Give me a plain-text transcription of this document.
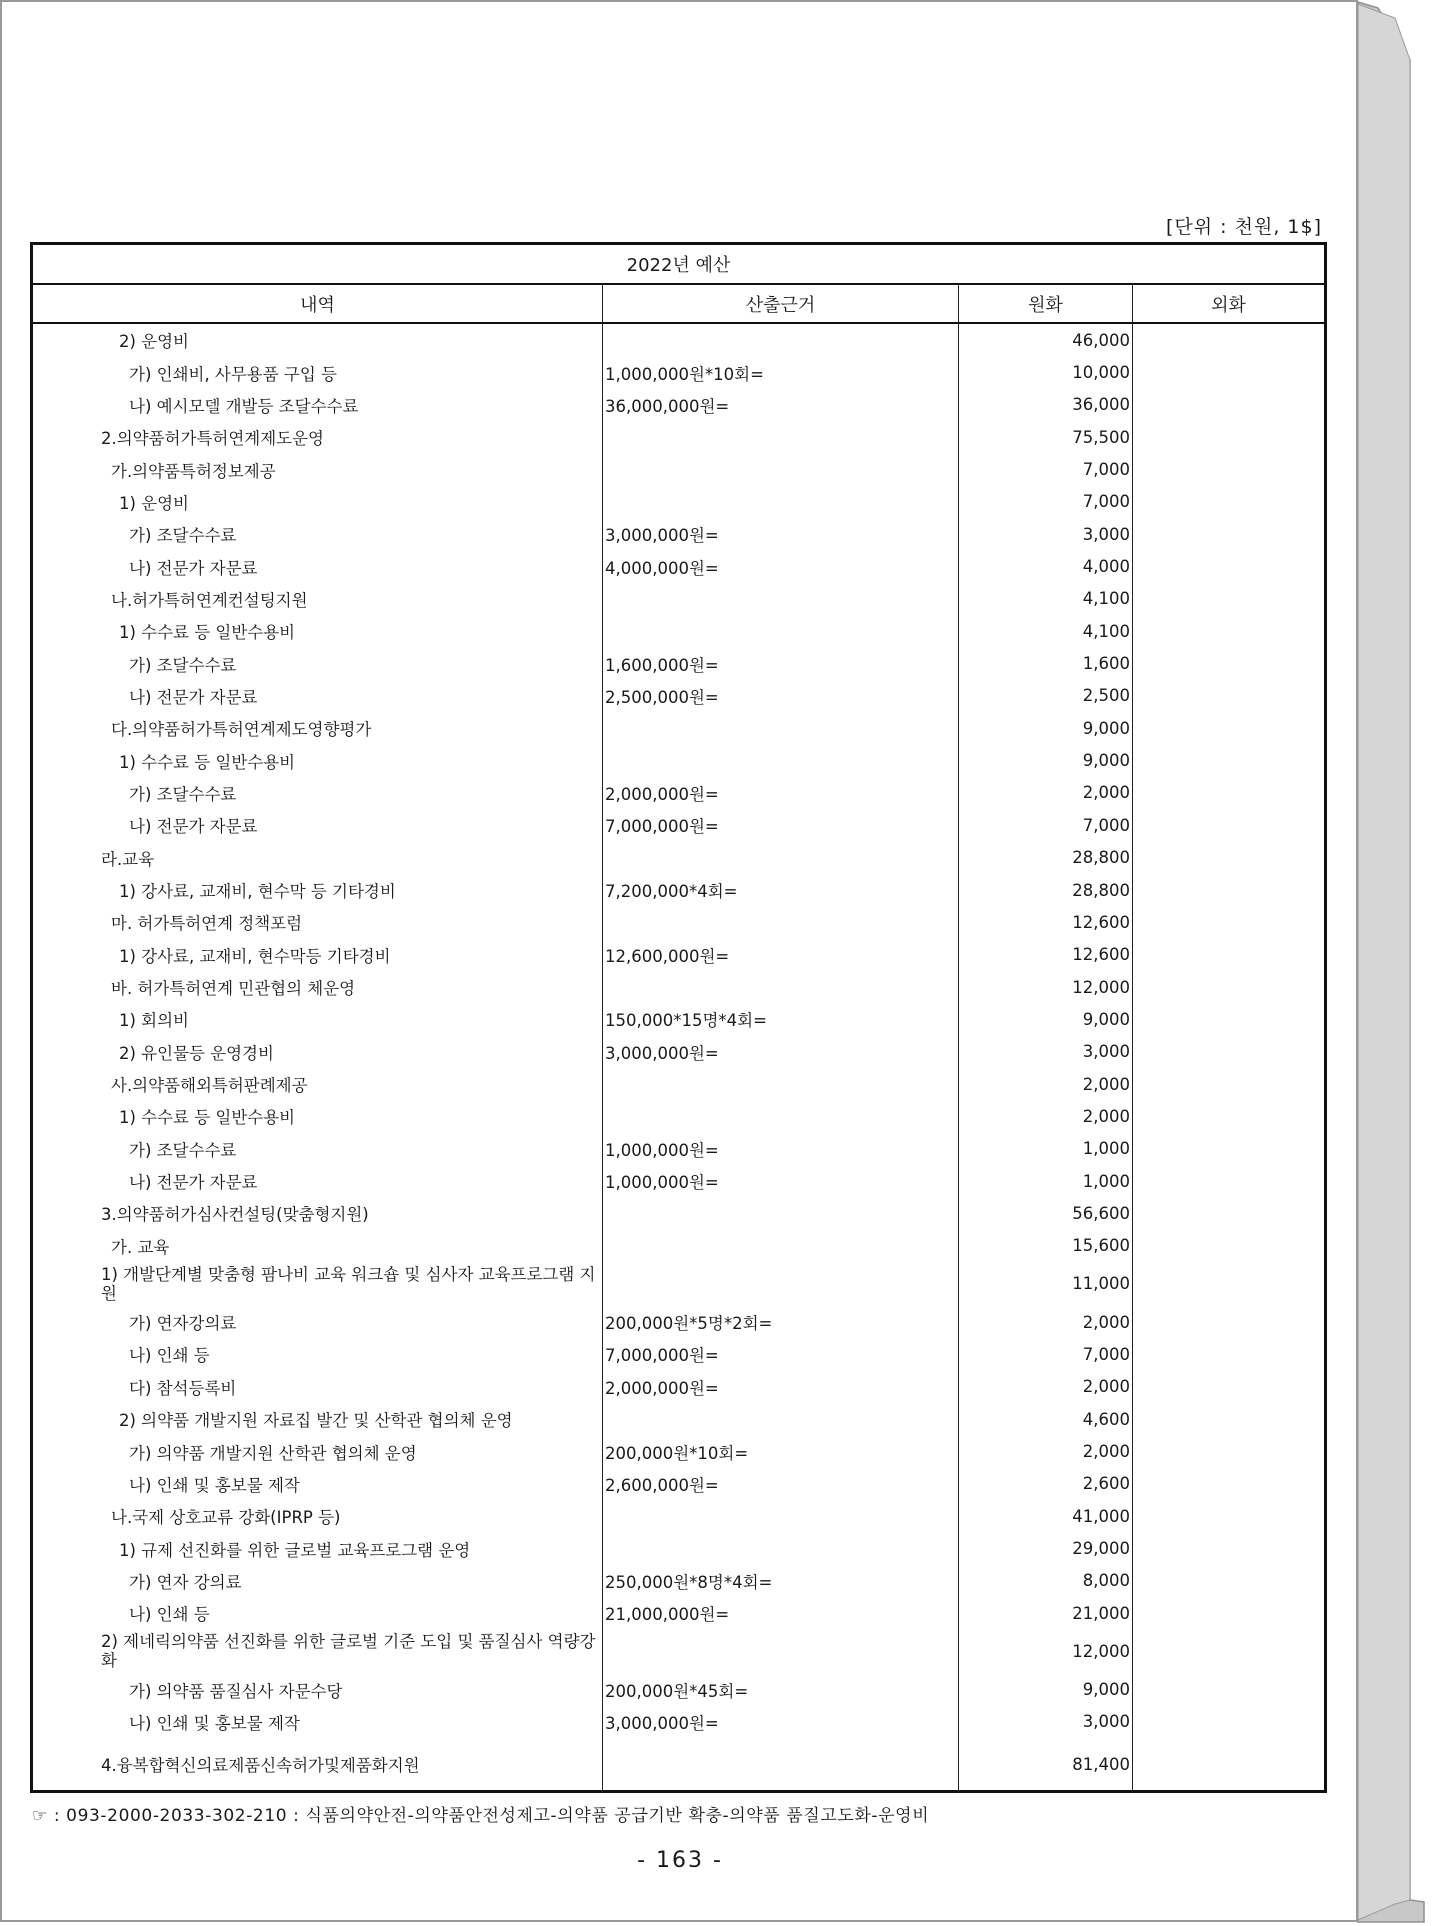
[단위 : 천원, 1$]
2022년 예산			
내역	산출근거	원화	외화
2) 운영비		46,000	
가) 인쇄비, 사무용품 구입 등	1,000,000원*10회=	10,000	
나) 예시모델 개발등 조달수수료	36,000,000원=	36,000	
2.의약품허가특허연계제도운영		75,500	
가.의약품특허정보제공		7,000	
1) 운영비		7,000	
가) 조달수수료	3,000,000원=	3,000	
나) 전문가 자문료	4,000,000원=	4,000	
나.허가특허연계컨설팅지원		4,100	
1) 수수료 등 일반수용비		4,100	
가) 조달수수료	1,600,000원=	1,600	
나) 전문가 자문료	2,500,000원=	2,500	
다.의약품허가특허연계제도영향평가		9,000	
1) 수수료 등 일반수용비		9,000	
가) 조달수수료	2,000,000원=	2,000	
나) 전문가 자문료	7,000,000원=	7,000	
라.교육		28,800	
1) 강사료, 교재비, 현수막 등 기타경비	7,200,000*4회=	28,800	
마. 허가특허연계 정책포럼		12,600	
1) 강사료, 교재비, 현수막등 기타경비	12,600,000원=	12,600	
바. 허가특허연계 민관협의 체운영		12,000	
1) 회의비	150,000*15명*4회=	9,000	
2) 유인물등 운영경비	3,000,000원=	3,000	
사.의약품해외특허판례제공		2,000	
1) 수수료 등 일반수용비		2,000	
가) 조달수수료	1,000,000원=	1,000	
나) 전문가 자문료	1,000,000원=	1,000	
3.의약품허가심사컨설팅(맞춤형지원)		56,600	
가. 교육		15,600	
1) 개발단계별 맞춤형 팜나비 교육 워크숍 및 심사자 교육프로그램 지원		11,000	
가) 연자강의료	200,000원*5명*2회=	2,000	
나) 인쇄 등	7,000,000원=	7,000	
다) 참석등록비	2,000,000원=	2,000	
2) 의약품 개발지원 자료집 발간 및 산학관 협의체 운영		4,600	
가) 의약품 개발지원 산학관 협의체 운영	200,000원*10회=	2,000	
나) 인쇄 및 홍보물 제작	2,600,000원=	2,600	
나.국제 상호교류 강화(IPRP 등)		41,000	
1) 규제 선진화를 위한 글로벌 교육프로그램 운영		29,000	
가) 연자 강의료	250,000원*8명*4회=	8,000	
나) 인쇄 등	21,000,000원=	21,000	
2) 제네릭의약품 선진화를 위한 글로벌 기준 도입 및 품질심사 역량강화		12,000	
가) 의약품 품질심사 자문수당	200,000원*45회=	9,000	
나) 인쇄 및 홍보물 제작	3,000,000원=	3,000	
4.융복합혁신의료제품신속허가및제품화지원		81,400	
☞ : 093-2000-2033-302-210 : 식품의약안전-의약품안전성제고-의약품 공급기반 확충-의약품 품질고도화-운영비
- 163 -
